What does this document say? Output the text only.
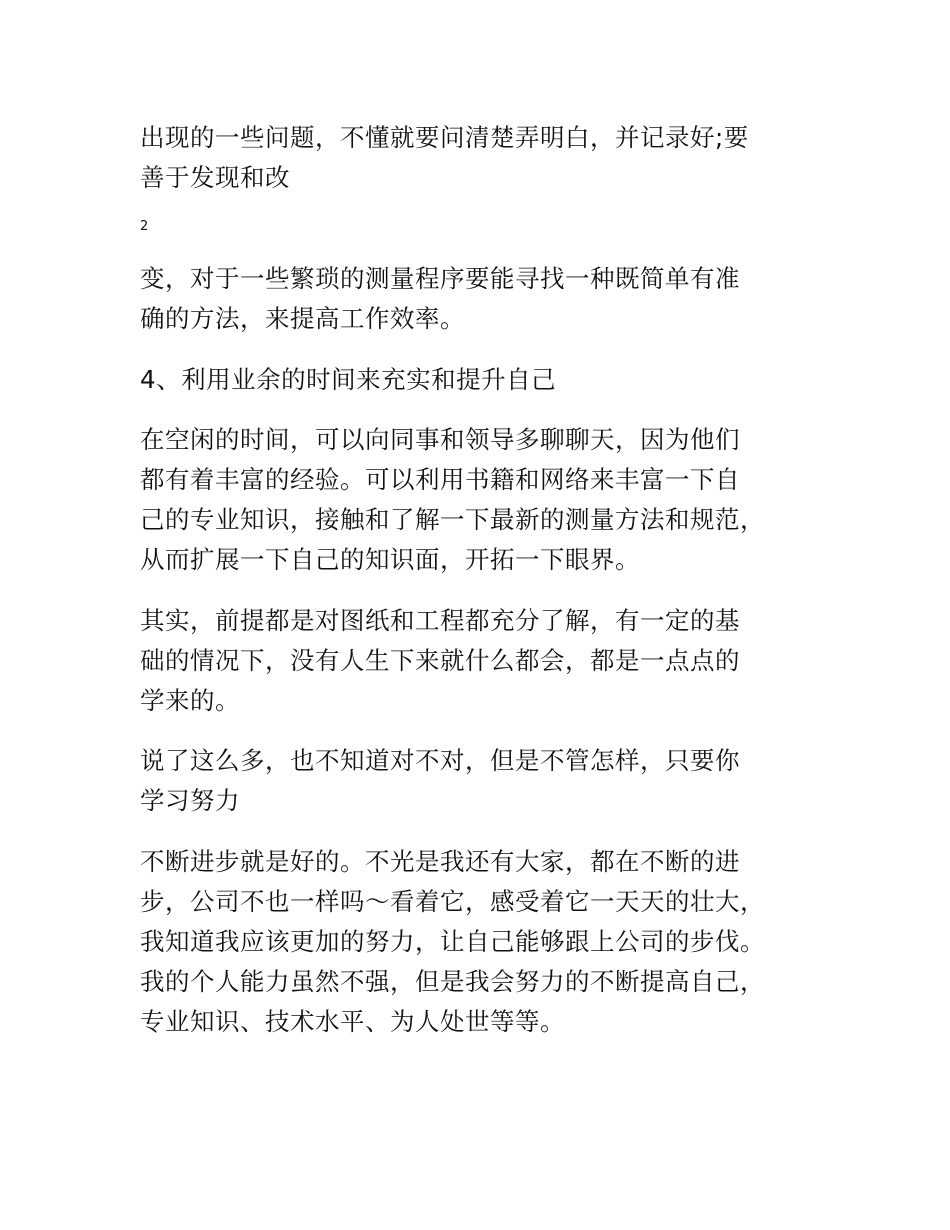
出现的一些问题，不懂就要问清楚弄明白，并记录好;要
善于发现和改

2

变，对于一些繁琐的测量程序要能寻找一种既简单有准
确的方法，来提高工作效率。

4、利用业余的时间来充实和提升自己

在空闲的时间，可以向同事和领导多聊聊天，因为他们
都有着丰富的经验。可以利用书籍和网络来丰富一下自
己的专业知识，接触和了解一下最新的测量方法和规范，
从而扩展一下自己的知识面，开拓一下眼界。

其实，前提都是对图纸和工程都充分了解，有一定的基
础的情况下，没有人生下来就什么都会，都是一点点的
学来的。

说了这么多，也不知道对不对，但是不管怎样，只要你
学习努力

不断进步就是好的。不光是我还有大家，都在不断的进
步，公司不也一样吗～看着它，感受着它一天天的壮大，
我知道我应该更加的努力，让自己能够跟上公司的步伐。
我的个人能力虽然不强，但是我会努力的不断提高自己，
专业知识、技术水平、为人处世等等。
